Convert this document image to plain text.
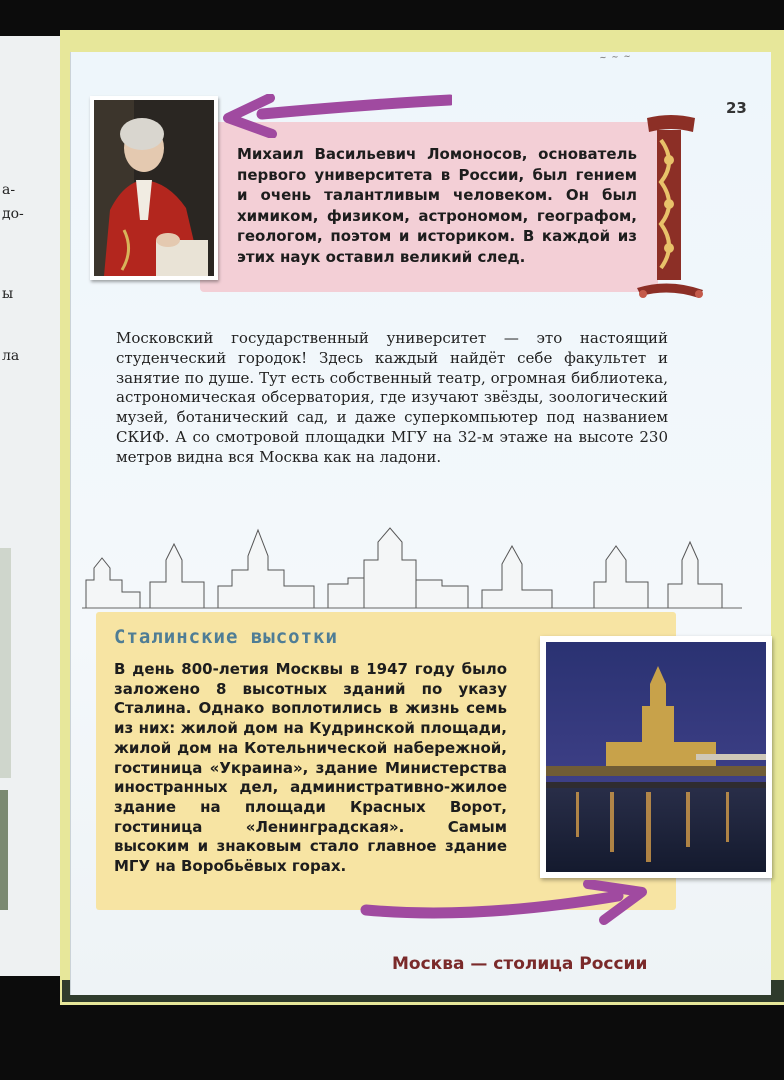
а-
до-
ы
ла
~ ~ ~
23
Михаил Васильевич Ломоносов, основатель первого университета в России, был гением и очень талантливым человеком. Он был химиком, физиком, астрономом, географом, геологом, поэтом и историком. В каждой из этих наук оставил великий след.
Московский государственный университет — это настоящий студенческий городок! Здесь каждый найдёт себе факультет и занятие по душе. Тут есть собственный театр, огромная библиотека, астрономическая обсерватория, где изучают звёзды, зоологический музей, ботанический сад, и даже суперкомпьютер под названием СКИФ. А со смотровой площадки МГУ на 32-м этаже на высоте 230 метров видна вся Москва как на ладони.
Сталинские высотки
В день 800-летия Москвы в 1947 году было заложено 8 высотных зданий по указу Сталина. Однако воплотились в жизнь семь из них: жилой дом на Кудринской площади, жилой дом на Котельнической набережной, гостиница «Украина», здание Министерства иностранных дел, административно-жилое здание на площади Красных Ворот, гостиница «Ленинградская». Самым высоким и знаковым стало главное здание МГУ на Воробьёвых горах.
Москва — столица России
